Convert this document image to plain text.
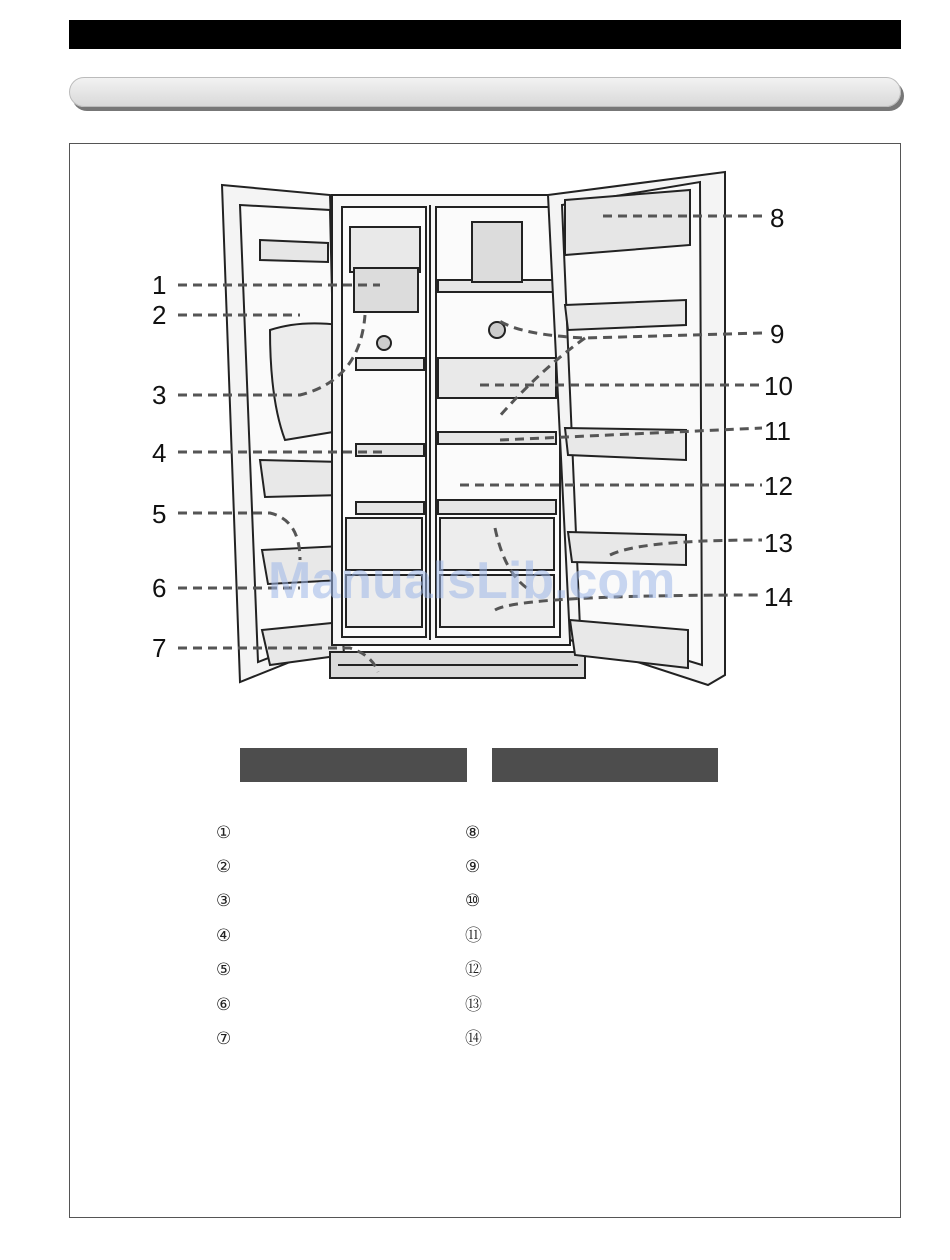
1
2
3
4
5
6
7
8
9
10
11
12
13
14
ManualsLib.com
①
②
③
④
⑤
⑥
⑦
⑧
⑨
⑩
⑪
⑫
⑬
⑭
